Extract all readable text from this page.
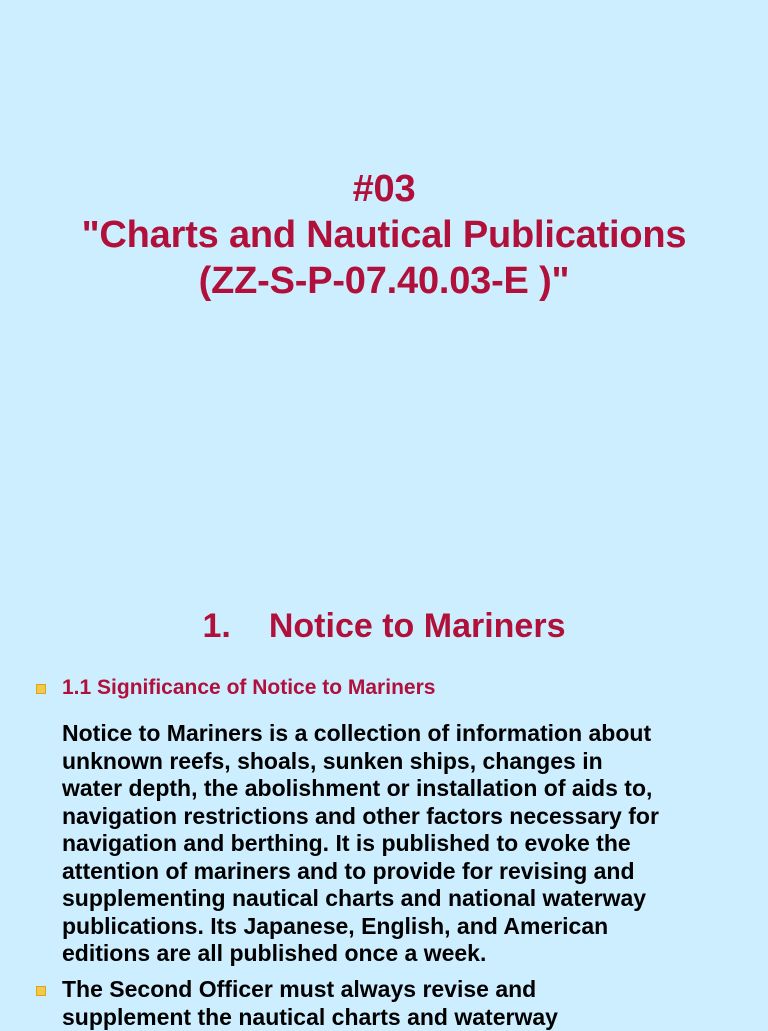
#03
"Charts and Nautical Publications
(ZZ-S-P-07.40.03-E )"
1. Notice to Mariners
1.1 Significance of Notice to Mariners
Notice to Mariners is a collection of information about
unknown reefs, shoals, sunken ships, changes in
water depth, the abolishment or installation of aids to,
navigation restrictions and other factors necessary for
navigation and berthing. It is published to evoke the
attention of mariners and to provide for revising and
supplementing nautical charts and national waterway
publications. Its Japanese, English, and American
editions are all published once a week.
The Second Officer must always revise and
supplement the nautical charts and waterway
